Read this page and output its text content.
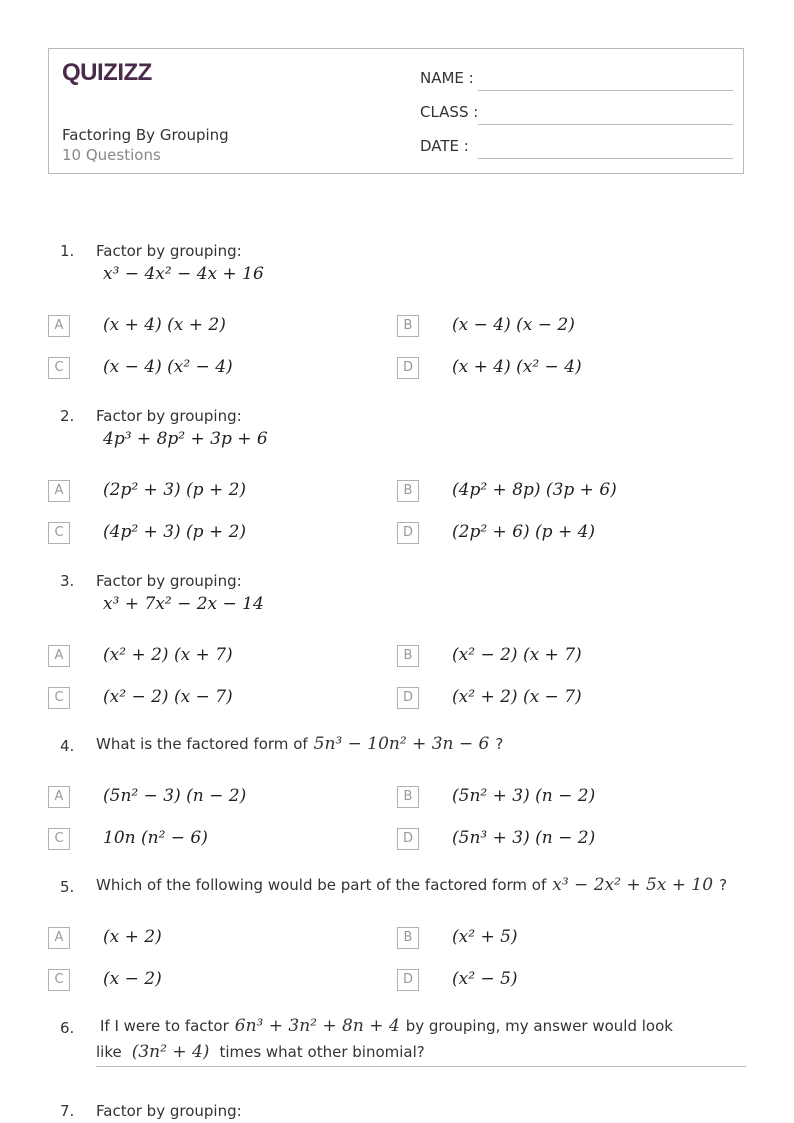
QUIZIZZ
Factoring By Grouping
10 Questions
NAME :
CLASS :
DATE :
1. Factor by grouping:
x³ − 4x² − 4x + 16
A	(x + 4) (x + 2)	B	(x − 4) (x − 2)
C	(x − 4) (x² − 4)	D	(x + 4) (x² − 4)
2. Factor by grouping:
4p³ + 8p² + 3p + 6
A	(2p² + 3) (p + 2)	B	(4p² + 8p) (3p + 6)
C	(4p² + 3) (p + 2)	D	(2p² + 6) (p + 4)
3. Factor by grouping:
x³ + 7x² − 2x − 14
A	(x² + 2) (x + 7)	B	(x² − 2) (x + 7)
C	(x² − 2) (x − 7)	D	(x² + 2) (x − 7)
4. What is the factored form of 5n³ − 10n² + 3n − 6 ?
A	(5n² − 3) (n − 2)	B	(5n² + 3) (n − 2)
C	10n (n² − 6)	D	(5n³ + 3) (n − 2)
5. Which of the following would be part of the factored form of x³ − 2x² + 5x + 10 ?
A	(x + 2)	B	(x² + 5)
C	(x − 2)	D	(x² − 5)
6. If I were to factor 6n³ + 3n² + 8n + 4 by grouping, my answer would look
like (3n² + 4) times what other binomial?
7. Factor by grouping:
